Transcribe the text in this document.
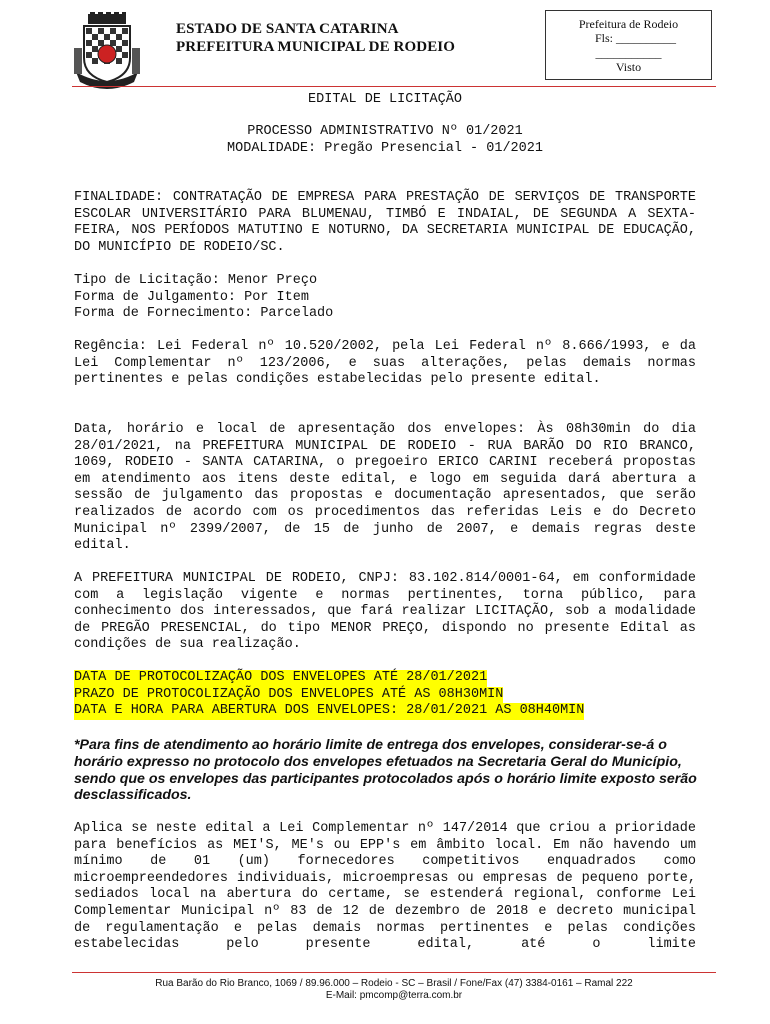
ESTADO DE SANTA CATARINA
PREFEITURA MUNICIPAL DE RODEIO
Prefeitura de Rodeio
Fls: __________
___________
Visto
EDITAL DE LICITAÇÃO
PROCESSO ADMINISTRATIVO Nº 01/2021
MODALIDADE: Pregão Presencial - 01/2021
FINALIDADE: CONTRATAÇÃO DE EMPRESA PARA PRESTAÇÃO DE SERVIÇOS DE TRANSPORTE ESCOLAR UNIVERSITÁRIO PARA BLUMENAU, TIMBÓ E INDAIAL, DE SEGUNDA A SEXTA-FEIRA, NOS PERÍODOS MATUTINO E NOTURNO, DA SECRETARIA MUNICIPAL DE EDUCAÇÃO, DO MUNICÍPIO DE RODEIO/SC.
Tipo de Licitação: Menor Preço
Forma de Julgamento: Por Item
Forma de Fornecimento: Parcelado
Regência: Lei Federal nº 10.520/2002, pela Lei Federal nº 8.666/1993, e da Lei Complementar nº 123/2006, e suas alterações, pelas demais normas pertinentes e pelas condições estabelecidas pelo presente edital.
Data, horário e local de apresentação dos envelopes: Às 08h30min do dia 28/01/2021, na PREFEITURA MUNICIPAL DE RODEIO - RUA BARÃO DO RIO BRANCO, 1069, RODEIO - SANTA CATARINA, o pregoeiro ERICO CARINI receberá propostas em atendimento aos itens deste edital, e logo em seguida dará abertura a sessão de julgamento das propostas e documentação apresentados, que serão realizados de acordo com os procedimentos das referidas Leis e do Decreto Municipal nº 2399/2007, de 15 de junho de 2007, e demais regras deste edital.
A PREFEITURA MUNICIPAL DE RODEIO, CNPJ: 83.102.814/0001-64, em conformidade com a legislação vigente e normas pertinentes, torna público, para conhecimento dos interessados, que fará realizar LICITAÇÃO, sob a modalidade de PREGÃO PRESENCIAL, do tipo MENOR PREÇO, dispondo no presente Edital as condições de sua realização.
DATA DE PROTOCOLIZAÇÃO DOS ENVELOPES ATÉ 28/01/2021
PRAZO DE PROTOCOLIZAÇÃO DOS ENVELOPES ATÉ AS 08H30MIN
DATA E HORA PARA ABERTURA DOS ENVELOPES: 28/01/2021 AS 08H40MIN
*Para fins de atendimento ao horário limite de entrega dos envelopes, considerar-se-á o horário expresso no protocolo dos envelopes efetuados na Secretaria Geral do Município, sendo que os envelopes das participantes protocolados após o horário limite exposto serão desclassificados.
Aplica se neste edital a Lei Complementar nº 147/2014 que criou a prioridade para benefícios as MEI'S, ME's ou EPP's em âmbito local. Em não havendo um mínimo de 01 (um) fornecedores competitivos enquadrados como microempreendedores individuais, microempresas ou empresas de pequeno porte, sediados local na abertura do certame, se estenderá regional, conforme Lei Complementar Municipal nº 83 de 12 de dezembro de 2018 e decreto municipal de regulamentação e pelas demais normas pertinentes e pelas condições estabelecidas pelo presente edital, até o limite
Rua Barão do Rio Branco, 1069 / 89.96.000 – Rodeio - SC – Brasil / Fone/Fax (47) 3384-0161 – Ramal 222
E-Mail: pmcomp@terra.com.br
